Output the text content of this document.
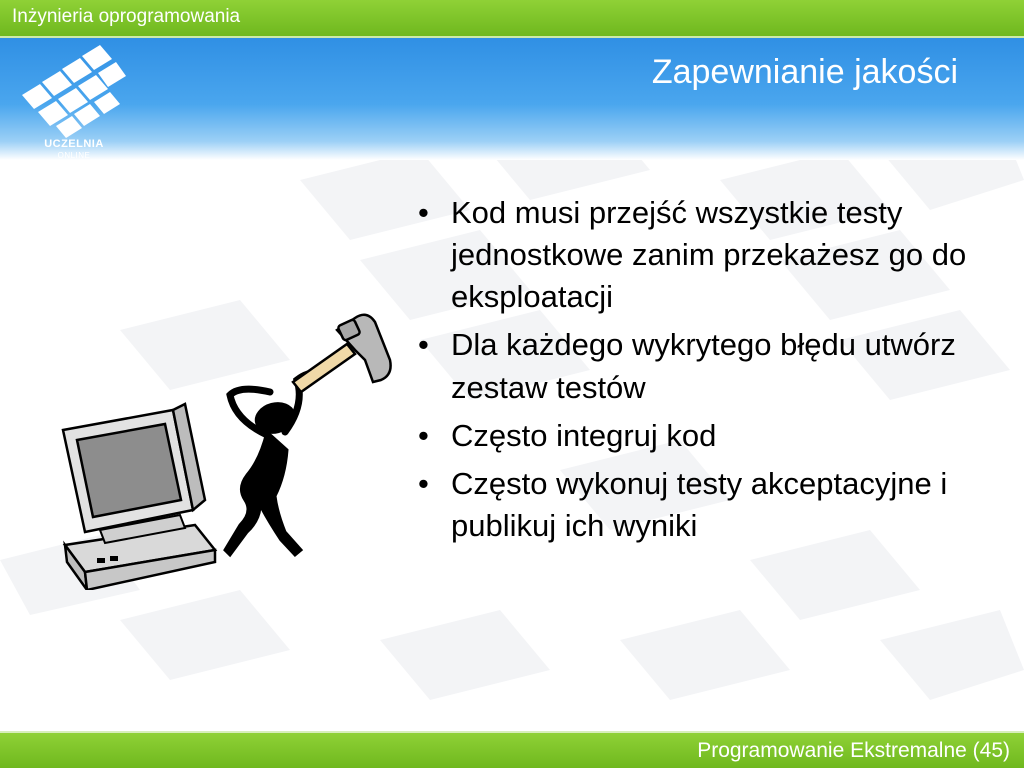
Inżynieria oprogramowania
UCZELNIA
ONLINE
Zapewnianie jakości
• Kod musi przejść wszystkie testy jednostkowe zanim przekażesz go do eksploatacji
• Dla każdego wykrytego błędu utwórz zestaw testów
• Często integruj kod
• Często wykonuj testy akceptacyjne i publikuj ich wyniki
Programowanie Ekstremalne (45)
